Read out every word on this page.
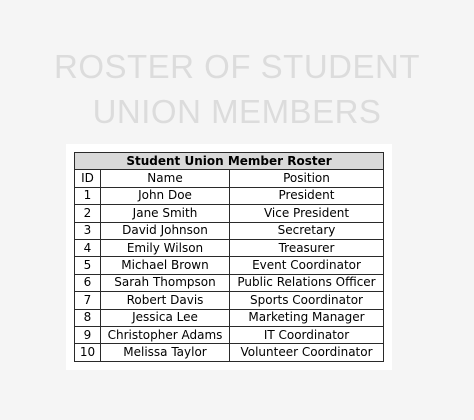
ROSTER OF STUDENT
UNION MEMBERS
Student Union Member Roster		
ID	Name	Position
1	John Doe	President
2	Jane Smith	Vice President
3	David Johnson	Secretary
4	Emily Wilson	Treasurer
5	Michael Brown	Event Coordinator
6	Sarah Thompson	Public Relations Officer
7	Robert Davis	Sports Coordinator
8	Jessica Lee	Marketing Manager
9	Christopher Adams	IT Coordinator
10	Melissa Taylor	Volunteer Coordinator
